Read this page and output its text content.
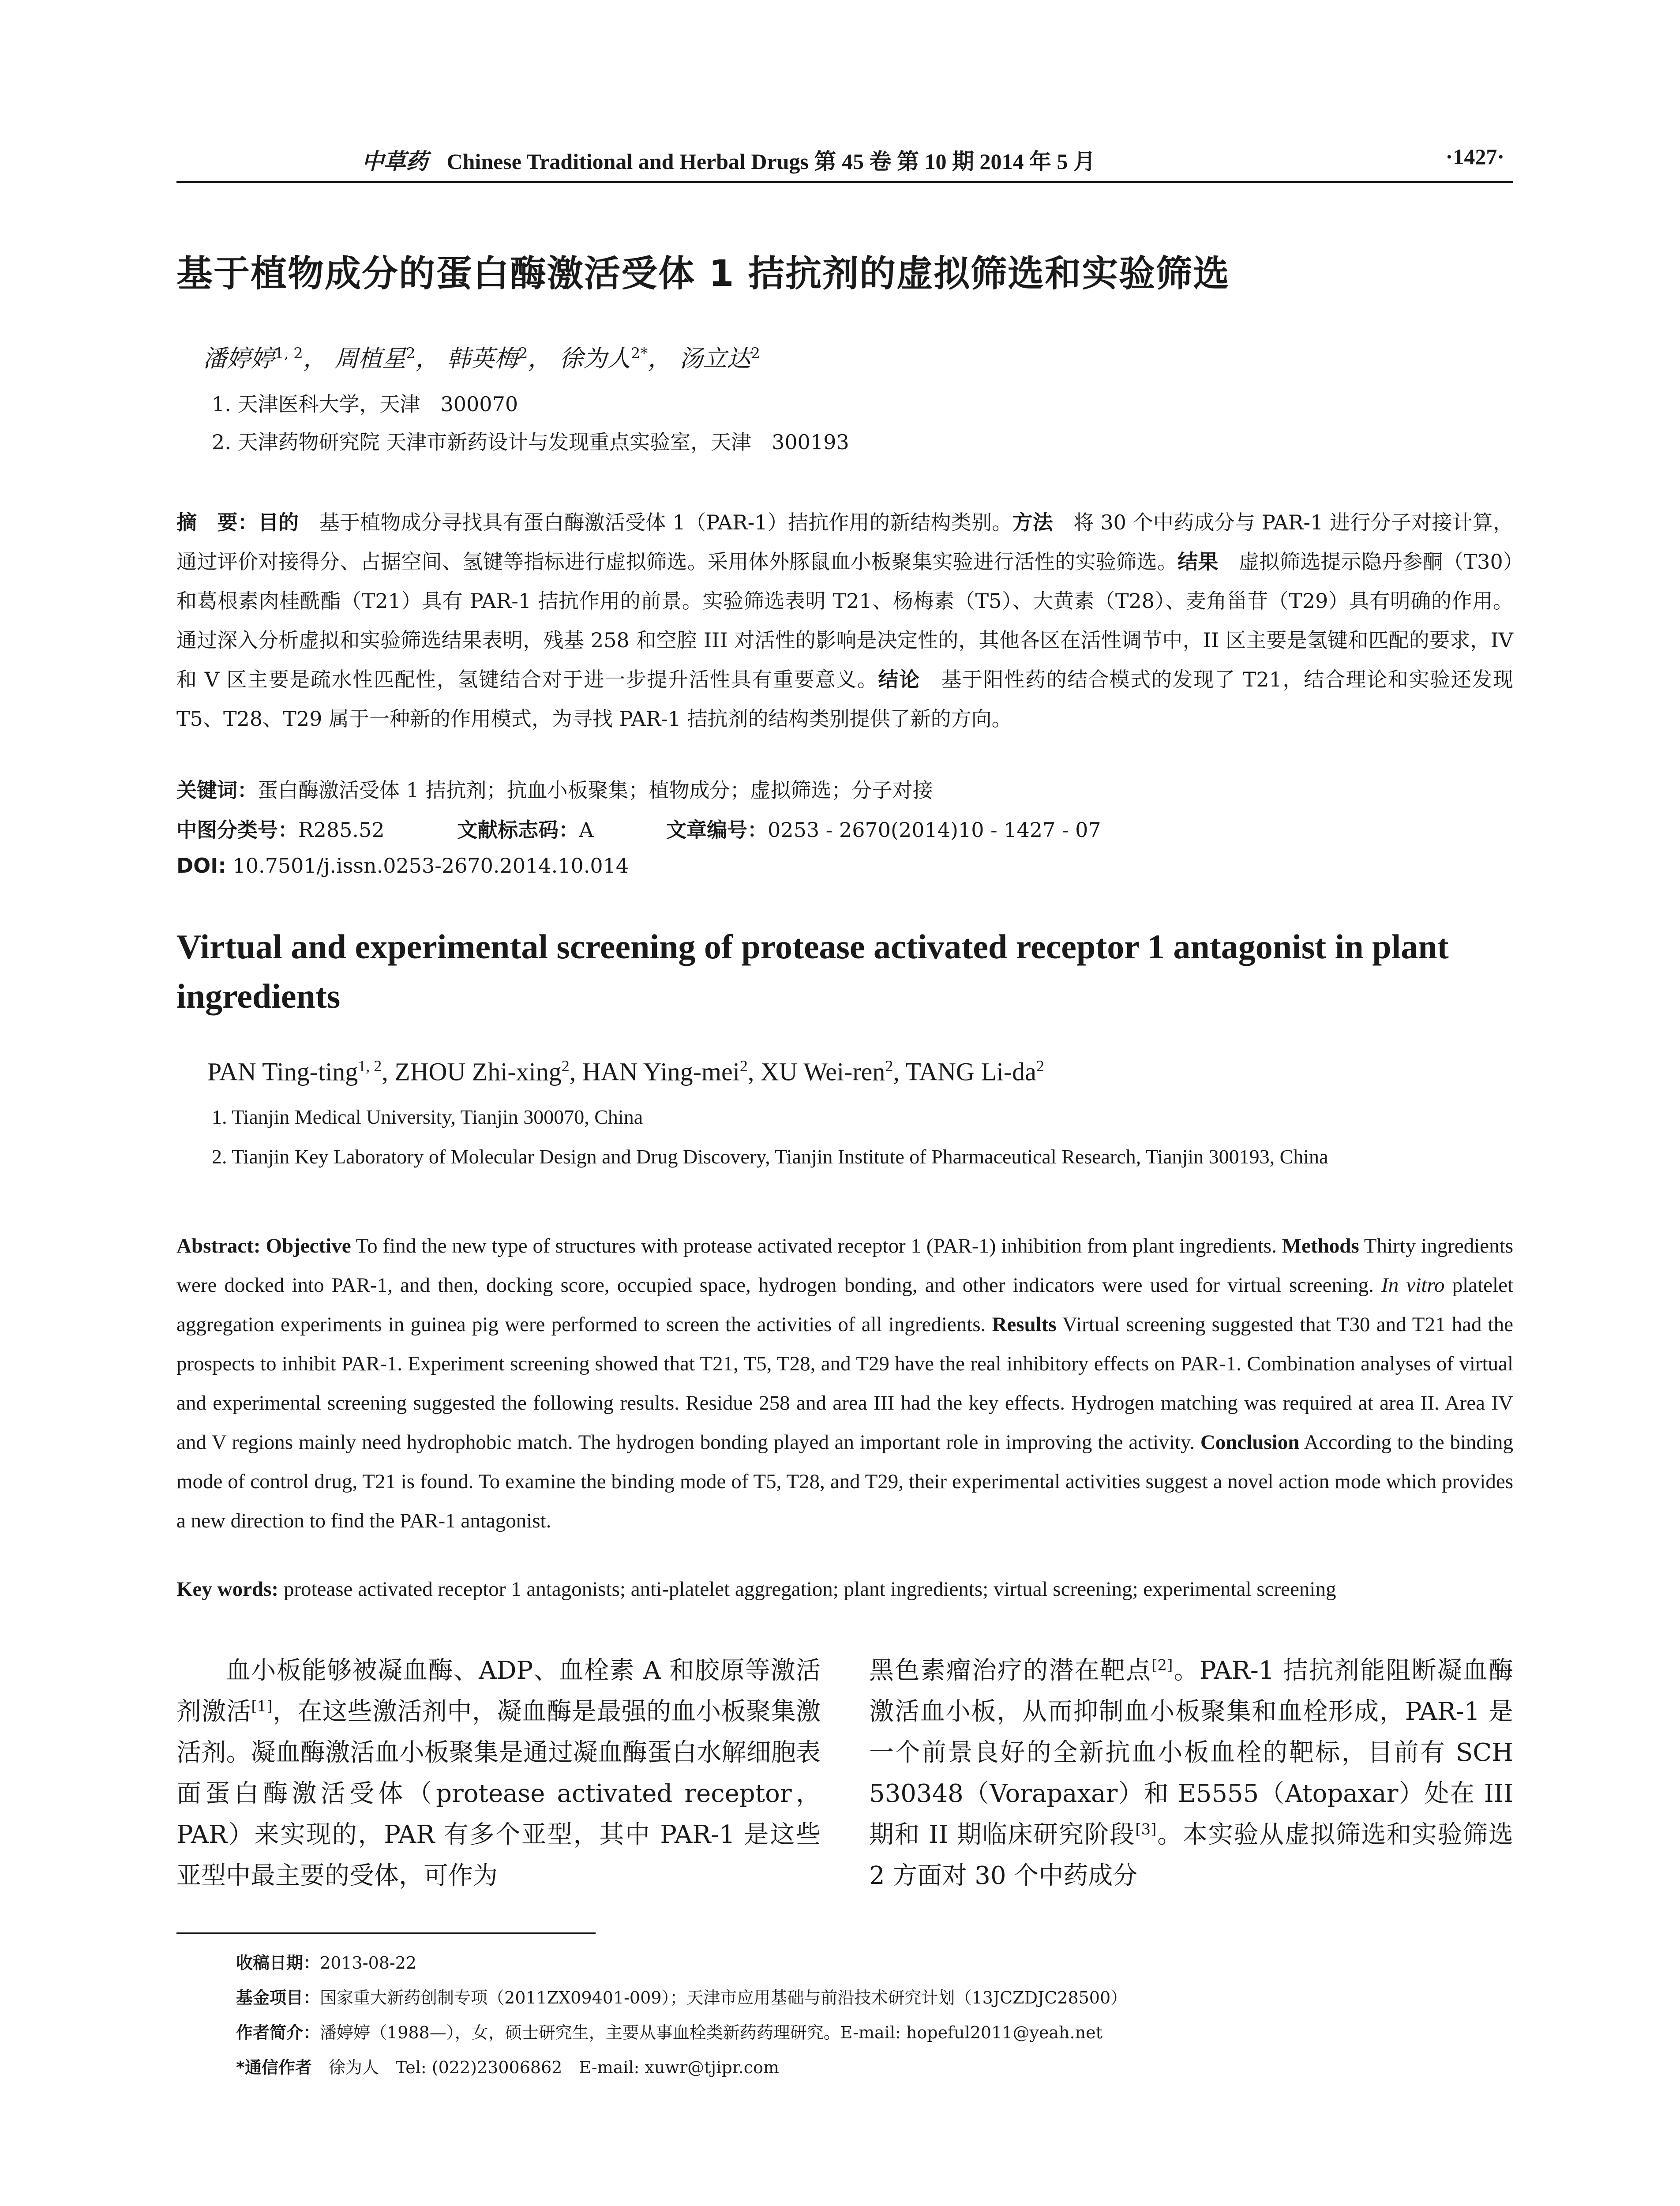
中草药 Chinese Traditional and Herbal Drugs 第 45 卷 第 10 期 2014 年 5 月	·1427·
基于植物成分的蛋白酶激活受体 1 拮抗剂的虚拟筛选和实验筛选
潘婷婷$^{1, 2}$， 周植星$^2$， 韩英梅$^2$， 徐为人$^{2*}$， 汤立达$^2$
1. 天津医科大学，天津　300070
2. 天津药物研究院 天津市新药设计与发现重点实验室，天津　300193
摘　要：目的　基于植物成分寻找具有蛋白酶激活受体 1（PAR-1）拮抗作用的新结构类别。方法　将 30 个中药成分与 PAR-1 进行分子对接计算，通过评价对接得分、占据空间、氢键等指标进行虚拟筛选。采用体外豚鼠血小板聚集实验进行活性的实验筛选。结果　虚拟筛选提示隐丹参酮（T30）和葛根素肉桂酰酯（T21）具有 PAR-1 拮抗作用的前景。实验筛选表明 T21、杨梅素（T5）、大黄素（T28）、麦角甾苷（T29）具有明确的作用。通过深入分析虚拟和实验筛选结果表明，残基 258 和空腔 III 对活性的影响是决定性的，其他各区在活性调节中，II 区主要是氢键和匹配的要求，IV 和 V 区主要是疏水性匹配性，氢键结合对于进一步提升活性具有重要意义。结论　基于阳性药的结合模式的发现了 T21，结合理论和实验还发现 T5、T28、T29 属于一种新的作用模式，为寻找 PAR-1 拮抗剂的结构类别提供了新的方向。
关键词：蛋白酶激活受体 1 拮抗剂；抗血小板聚集；植物成分；虚拟筛选；分子对接
中图分类号：R285.52	文献标志码：A	文章编号：0253 - 2670(2014)10 - 1427 - 07
DOI: 10.7501/j.issn.0253-2670.2014.10.014
Virtual and experimental screening of protease activated receptor 1 antagonist in plant ingredients
PAN Ting-ting$^{1, 2}$, ZHOU Zhi-xing$^2$, HAN Ying-mei$^2$, XU Wei-ren$^2$, TANG $Li-da^2$
1. Tianjin Medical University, Tianjin 300070, China
2. Tianjin Key Laboratory of Molecular Design and Drug Discovery, Tianjin Institute of Pharmaceutical Research, Tianjin 300193, China
Abstract: Objective To find the new type of structures with protease activated receptor 1 (PAR-1) inhibition from plant ingredients. Methods Thirty ingredients were docked into PAR-1, and then, docking score, occupied space, hydrogen bonding, and other indicators were used for virtual screening. In vitro platelet aggregation experiments in guinea pig were performed to screen the activities of all ingredients. Results Virtual screening suggested that T30 and T21 had the prospects to inhibit PAR-1. Experiment screening showed that T21, T5, T28, and T29 have the real inhibitory effects on PAR-1. Combination analyses of virtual and experimental screening suggested the following results. Residue 258 and area III had the key effects. Hydrogen matching was required at area II. Area IV and V regions mainly need hydrophobic match. The hydrogen bonding played an important role in improving the activity. Conclusion According to the binding mode of control drug, T21 is found. To examine the binding mode of T5, T28, and T29, their experimental activities suggest a novel action mode which provides a new direction to find the PAR-1 antagonist.
Key words: protease activated receptor 1 antagonists; anti-platelet aggregation; plant ingredients; virtual screening; experimental screening
血小板能够被凝血酶、ADP、血栓素 A 和胶原等激活剂激活[1]，在这些激活剂中，凝血酶是最强的血小板聚集激活剂。凝血酶激活血小板聚集是通过凝血酶蛋白水解细胞表面蛋白酶激活受体（protease activated receptor，PAR）来实现的，PAR 有多个亚型，其中 PAR-1 是这些亚型中最主要的受体，可作为
黑色素瘤治疗的潜在靶点[2]。PAR-1 拮抗剂能阻断凝血酶激活血小板，从而抑制血小板聚集和血栓形成，PAR-1 是一个前景良好的全新抗血小板血栓的靶标，目前有 SCH 530348（Vorapaxar）和 E5555（Atopaxar）处在 III 期和 II 期临床研究阶段[3]。本实验从虚拟筛选和实验筛选 2 方面对 30 个中药成分
收稿日期：2013-08-22
基金项目：国家重大新药创制专项（2011ZX09401-009）；天津市应用基础与前沿技术研究计划（13JCZDJC28500）
作者简介：潘婷婷（1988—），女，硕士研究生，主要从事血栓类新药药理研究。E-mail: hopeful2011@yeah.net
*通信作者　徐为人　Tel: (022)23006862　E-mail: xuwr@tjipr.com
